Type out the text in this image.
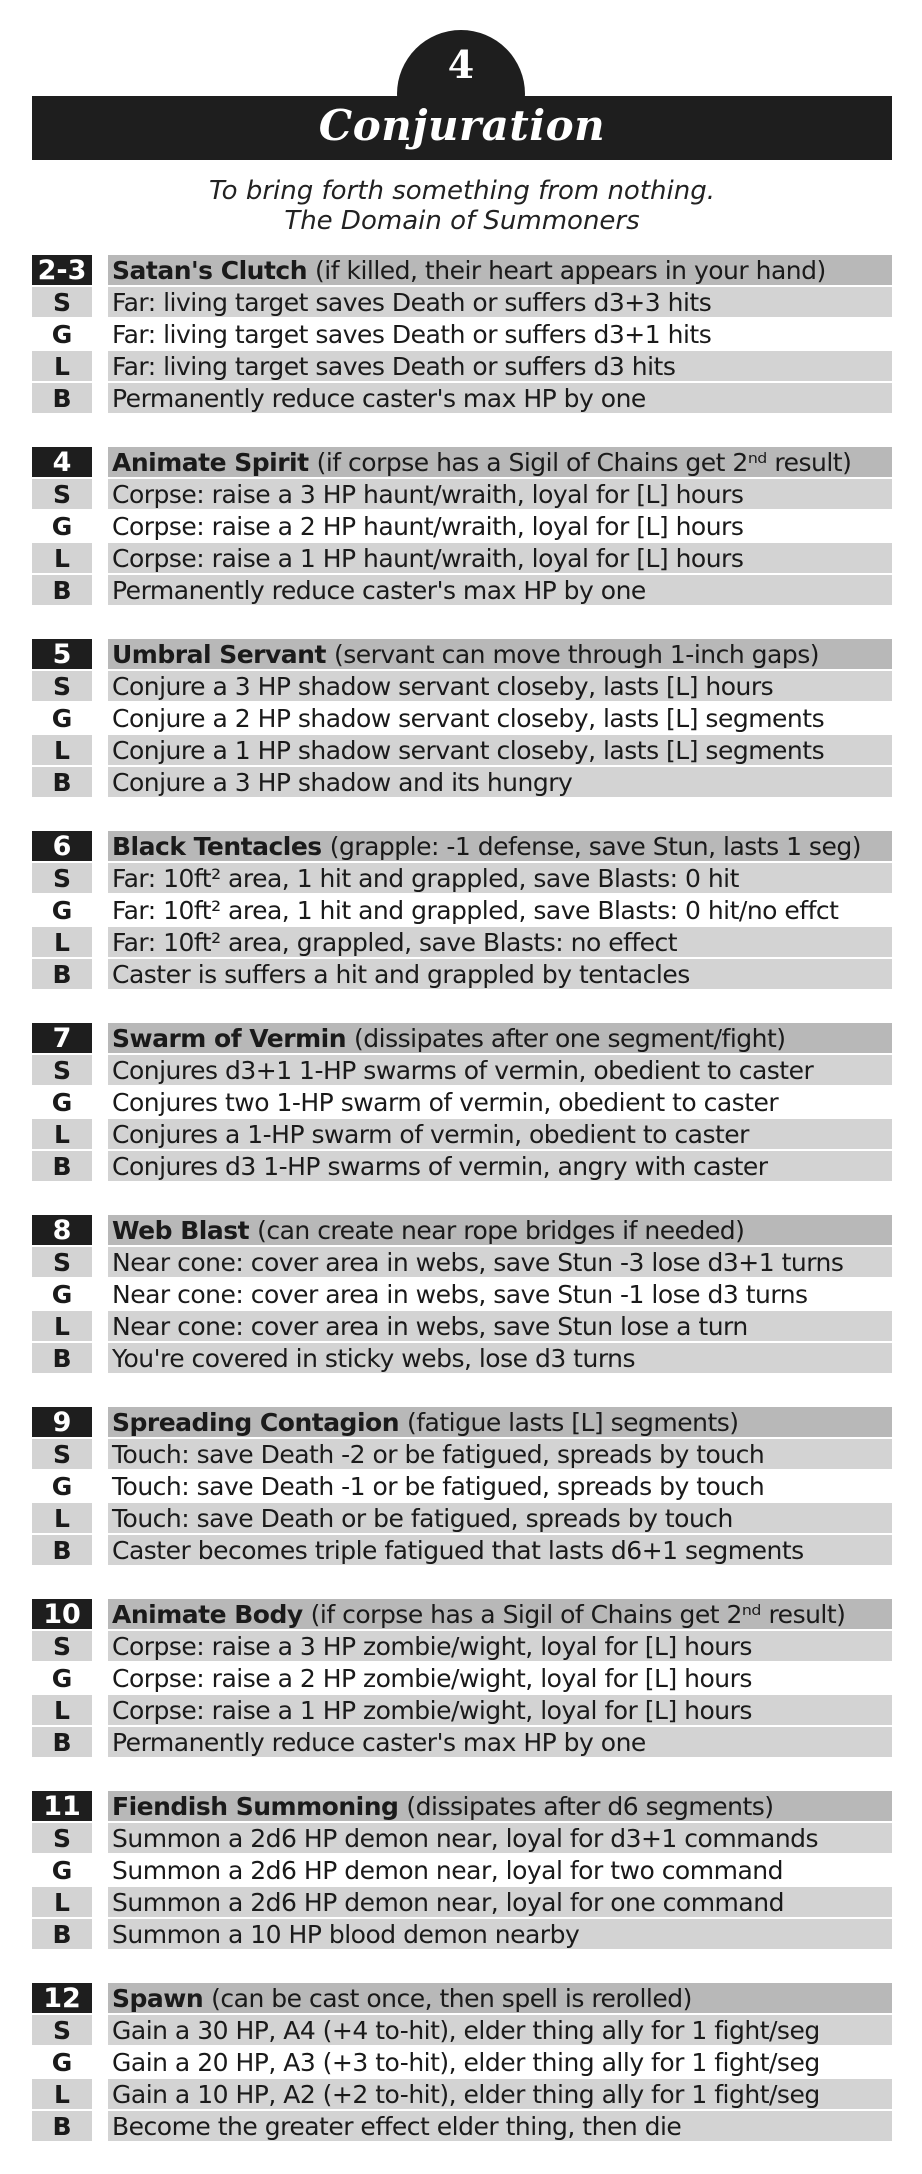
4
Conjuration
To bring forth something from nothing.
The Domain of Summoners
2-3 Satan's Clutch (if killed, their heart appears in your hand)
S	Far: living target saves Death or suffers d3+3 hits
G	Far: living target saves Death or suffers d3+1 hits
L	Far: living target saves Death or suffers d3 hits
B	Permanently reduce caster's max HP by one
4	Animate Spirit (if corpse has a Sigil of Chains get 2ⁿᵈ result)
S	Corpse: raise a 3 HP haunt/wraith, loyal for [L] hours
G	Corpse: raise a 2 HP haunt/wraith, loyal for [L] hours
L	Corpse: raise a 1 HP haunt/wraith, loyal for [L] hours
B	Permanently reduce caster's max HP by one
5	Umbral Servant (servant can move through 1-inch gaps)
S	Conjure a 3 HP shadow servant closeby, lasts [L] hours
G	Conjure a 2 HP shadow servant closeby, lasts [L] segments
L	Conjure a 1 HP shadow servant closeby, lasts [L] segments
B	Conjure a 3 HP shadow and its hungry
6	Black Tentacles (grapple: -1 defense, save Stun, lasts 1 seg)
S	Far: 10ft² area, 1 hit and grappled, save Blasts: 0 hit
G	Far: 10ft² area, 1 hit and grappled, save Blasts: 0 hit/no effct
L	Far: 10ft² area, grappled, save Blasts: no effect
B	Caster is suffers a hit and grappled by tentacles
7	Swarm of Vermin (dissipates after one segment/fight)
S	Conjures d3+1 1-HP swarms of vermin, obedient to caster
G	Conjures two 1-HP swarm of vermin, obedient to caster
L	Conjures a 1-HP swarm of vermin, obedient to caster
B	Conjures d3 1-HP swarms of vermin, angry with caster
8	Web Blast (can create near rope bridges if needed)
S	Near cone: cover area in webs, save Stun -3 lose d3+1 turns
G	Near cone: cover area in webs, save Stun -1 lose d3 turns
L	Near cone: cover area in webs, save Stun lose a turn
B	You're covered in sticky webs, lose d3 turns
9	Spreading Contagion (fatigue lasts [L] segments)
S	Touch: save Death -2 or be fatigued, spreads by touch
G	Touch: save Death -1 or be fatigued, spreads by touch
L	Touch: save Death or be fatigued, spreads by touch
B	Caster becomes triple fatigued that lasts d6+1 segments
10	Animate Body (if corpse has a Sigil of Chains get 2ⁿᵈ result)
S	Corpse: raise a 3 HP zombie/wight, loyal for [L] hours
G	Corpse: raise a 2 HP zombie/wight, loyal for [L] hours
L	Corpse: raise a 1 HP zombie/wight, loyal for [L] hours
B	Permanently reduce caster's max HP by one
11	Fiendish Summoning (dissipates after d6 segments)
S	Summon a 2d6 HP demon near, loyal for d3+1 commands
G	Summon a 2d6 HP demon near, loyal for two command
L	Summon a 2d6 HP demon near, loyal for one command
B	Summon a 10 HP blood demon nearby
12	Spawn (can be cast once, then spell is rerolled)
S	Gain a 30 HP, A4 (+4 to-hit), elder thing ally for 1 fight/seg
G	Gain a 20 HP, A3 (+3 to-hit), elder thing ally for 1 fight/seg
L	Gain a 10 HP, A2 (+2 to-hit), elder thing ally for 1 fight/seg
B	Become the greater effect elder thing, then die
